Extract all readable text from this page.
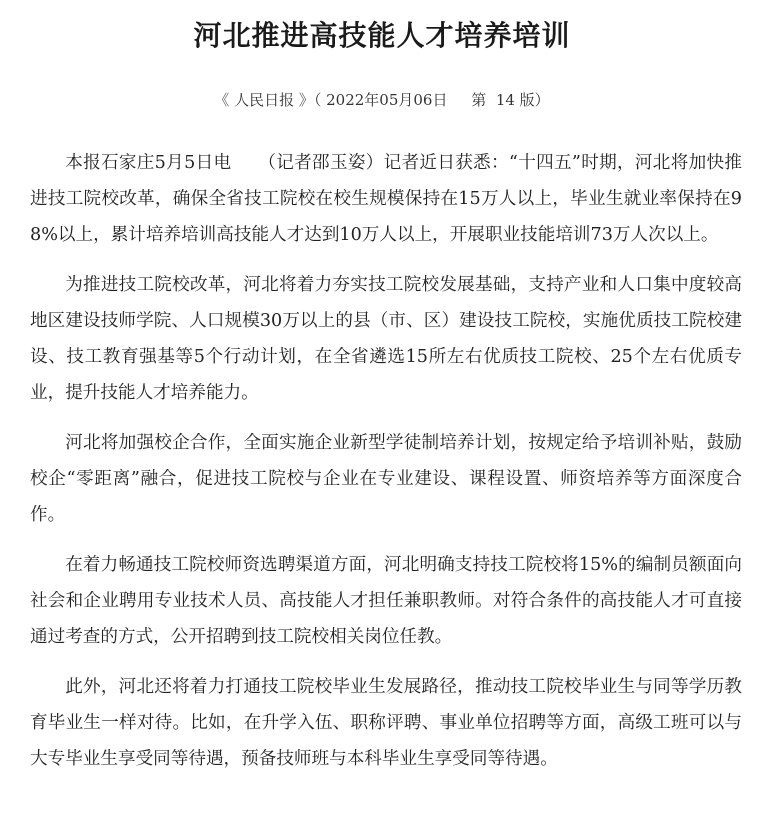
河北推进高技能人才培养培训
《 人民日报 》（ 2022年05月06日     第  14 版）

本报石家庄5月5日电　　（记者邵玉姿）记者近日获悉：“十四五”时期，河北将加快推进技工院校改革，确保全省技工院校在校生规模保持在15万人以上，毕业生就业率保持在98%以上，累计培养培训高技能人才达到10万人以上，开展职业技能培训73万人次以上。

为推进技工院校改革，河北将着力夯实技工院校发展基础，支持产业和人口集中度较高地区建设技师学院、人口规模30万以上的县（市、区）建设技工院校，实施优质技工院校建设、技工教育强基等5个行动计划，在全省遴选15所左右优质技工院校、25个左右优质专业，提升技能人才培养能力。

河北将加强校企合作，全面实施企业新型学徒制培养计划，按规定给予培训补贴，鼓励校企“零距离”融合，促进技工院校与企业在专业建设、课程设置、师资培养等方面深度合作。

在着力畅通技工院校师资选聘渠道方面，河北明确支持技工院校将15%的编制员额面向社会和企业聘用专业技术人员、高技能人才担任兼职教师。对符合条件的高技能人才可直接通过考查的方式，公开招聘到技工院校相关岗位任教。

此外，河北还将着力打通技工院校毕业生发展路径，推动技工院校毕业生与同等学历教育毕业生一样对待。比如，在升学入伍、职称评聘、事业单位招聘等方面，高级工班可以与大专毕业生享受同等待遇，预备技师班与本科毕业生享受同等待遇。
